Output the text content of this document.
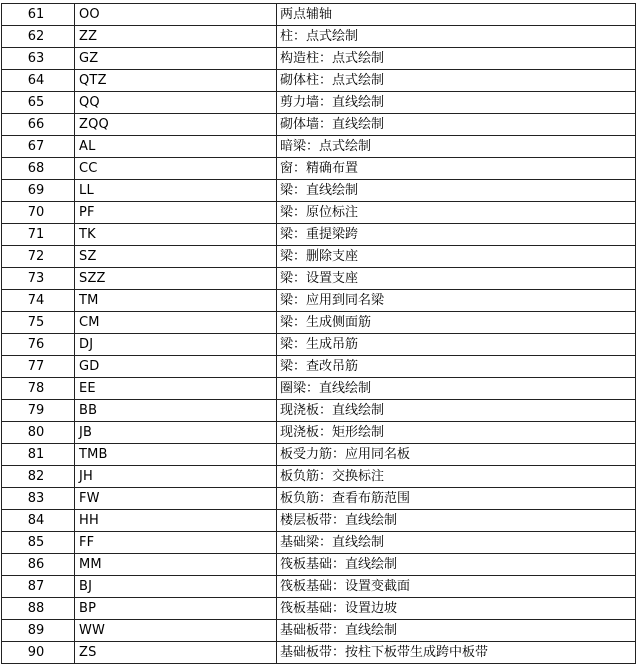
61	OO	两点辅轴
62	ZZ	柱：点式绘制
63	GZ	构造柱：点式绘制
64	QTZ	砌体柱：点式绘制
65	QQ	剪力墙：直线绘制
66	ZQQ	砌体墙：直线绘制
67	AL	暗梁：点式绘制
68	CC	窗：精确布置
69	LL	梁：直线绘制
70	PF	梁：原位标注
71	TK	梁：重提梁跨
72	SZ	梁：删除支座
73	SZZ	梁：设置支座
74	TM	梁：应用到同名梁
75	CM	梁：生成侧面筋
76	DJ	梁：生成吊筋
77	GD	梁：查改吊筋
78	EE	圈梁：直线绘制
79	BB	现浇板：直线绘制
80	JB	现浇板：矩形绘制
81	TMB	板受力筋：应用同名板
82	JH	板负筋：交换标注
83	FW	板负筋：查看布筋范围
84	HH	楼层板带：直线绘制
85	FF	基础梁：直线绘制
86	MM	筏板基础：直线绘制
87	BJ	筏板基础：设置变截面
88	BP	筏板基础：设置边坡
89	WW	基础板带：直线绘制
90	ZS	基础板带：按柱下板带生成跨中板带
